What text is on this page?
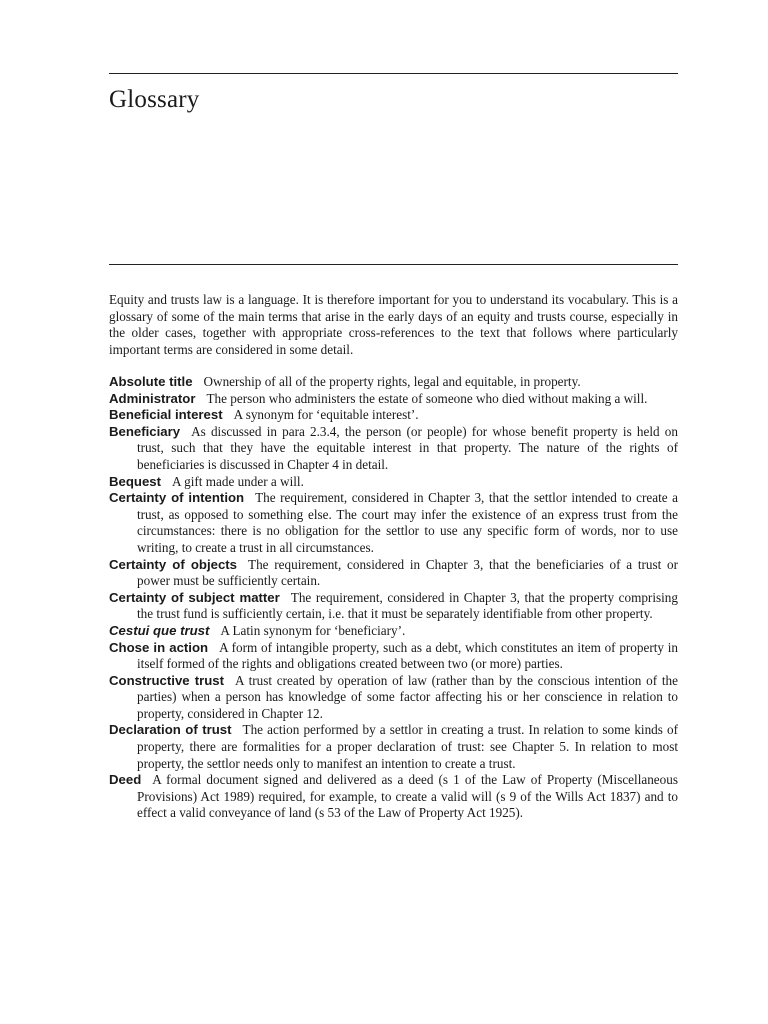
Glossary

Equity and trusts law is a language. It is therefore important for you to understand its vocabulary. This is a glossary of some of the main terms that arise in the early days of an equity and trusts course, especially in the older cases, together with appropriate cross-references to the text that follows where particularly important terms are considered in some detail.

Absolute title Ownership of all of the property rights, legal and equitable, in property.
Administrator The person who administers the estate of someone who died without making a will.
Beneficial interest A synonym for ‘equitable interest’.
Beneficiary As discussed in para 2.3.4, the person (or people) for whose benefit property is held on trust, such that they have the equitable interest in that property. The nature of the rights of beneficiaries is discussed in Chapter 4 in detail.
Bequest A gift made under a will.
Certainty of intention The requirement, considered in Chapter 3, that the settlor intended to create a trust, as opposed to something else. The court may infer the existence of an express trust from the circumstances: there is no obligation for the settlor to use any specific form of words, nor to use writing, to create a trust in all circumstances.
Certainty of objects The requirement, considered in Chapter 3, that the beneficiaries of a trust or power must be sufficiently certain.
Certainty of subject matter The requirement, considered in Chapter 3, that the property comprising the trust fund is sufficiently certain, i.e. that it must be separately identifiable from other property.
Cestui que trust A Latin synonym for ‘beneficiary’.
Chose in action A form of intangible property, such as a debt, which constitutes an item of property in itself formed of the rights and obligations created between two (or more) parties.
Constructive trust A trust created by operation of law (rather than by the conscious intention of the parties) when a person has knowledge of some factor affecting his or her conscience in relation to property, considered in Chapter 12.
Declaration of trust The action performed by a settlor in creating a trust. In relation to some kinds of property, there are formalities for a proper declaration of trust: see Chapter 5. In relation to most property, the settlor needs only to manifest an intention to create a trust.
Deed A formal document signed and delivered as a deed (s 1 of the Law of Property (Miscellaneous Provisions) Act 1989) required, for example, to create a valid will (s 9 of the Wills Act 1837) and to effect a valid conveyance of land (s 53 of the Law of Property Act 1925).
